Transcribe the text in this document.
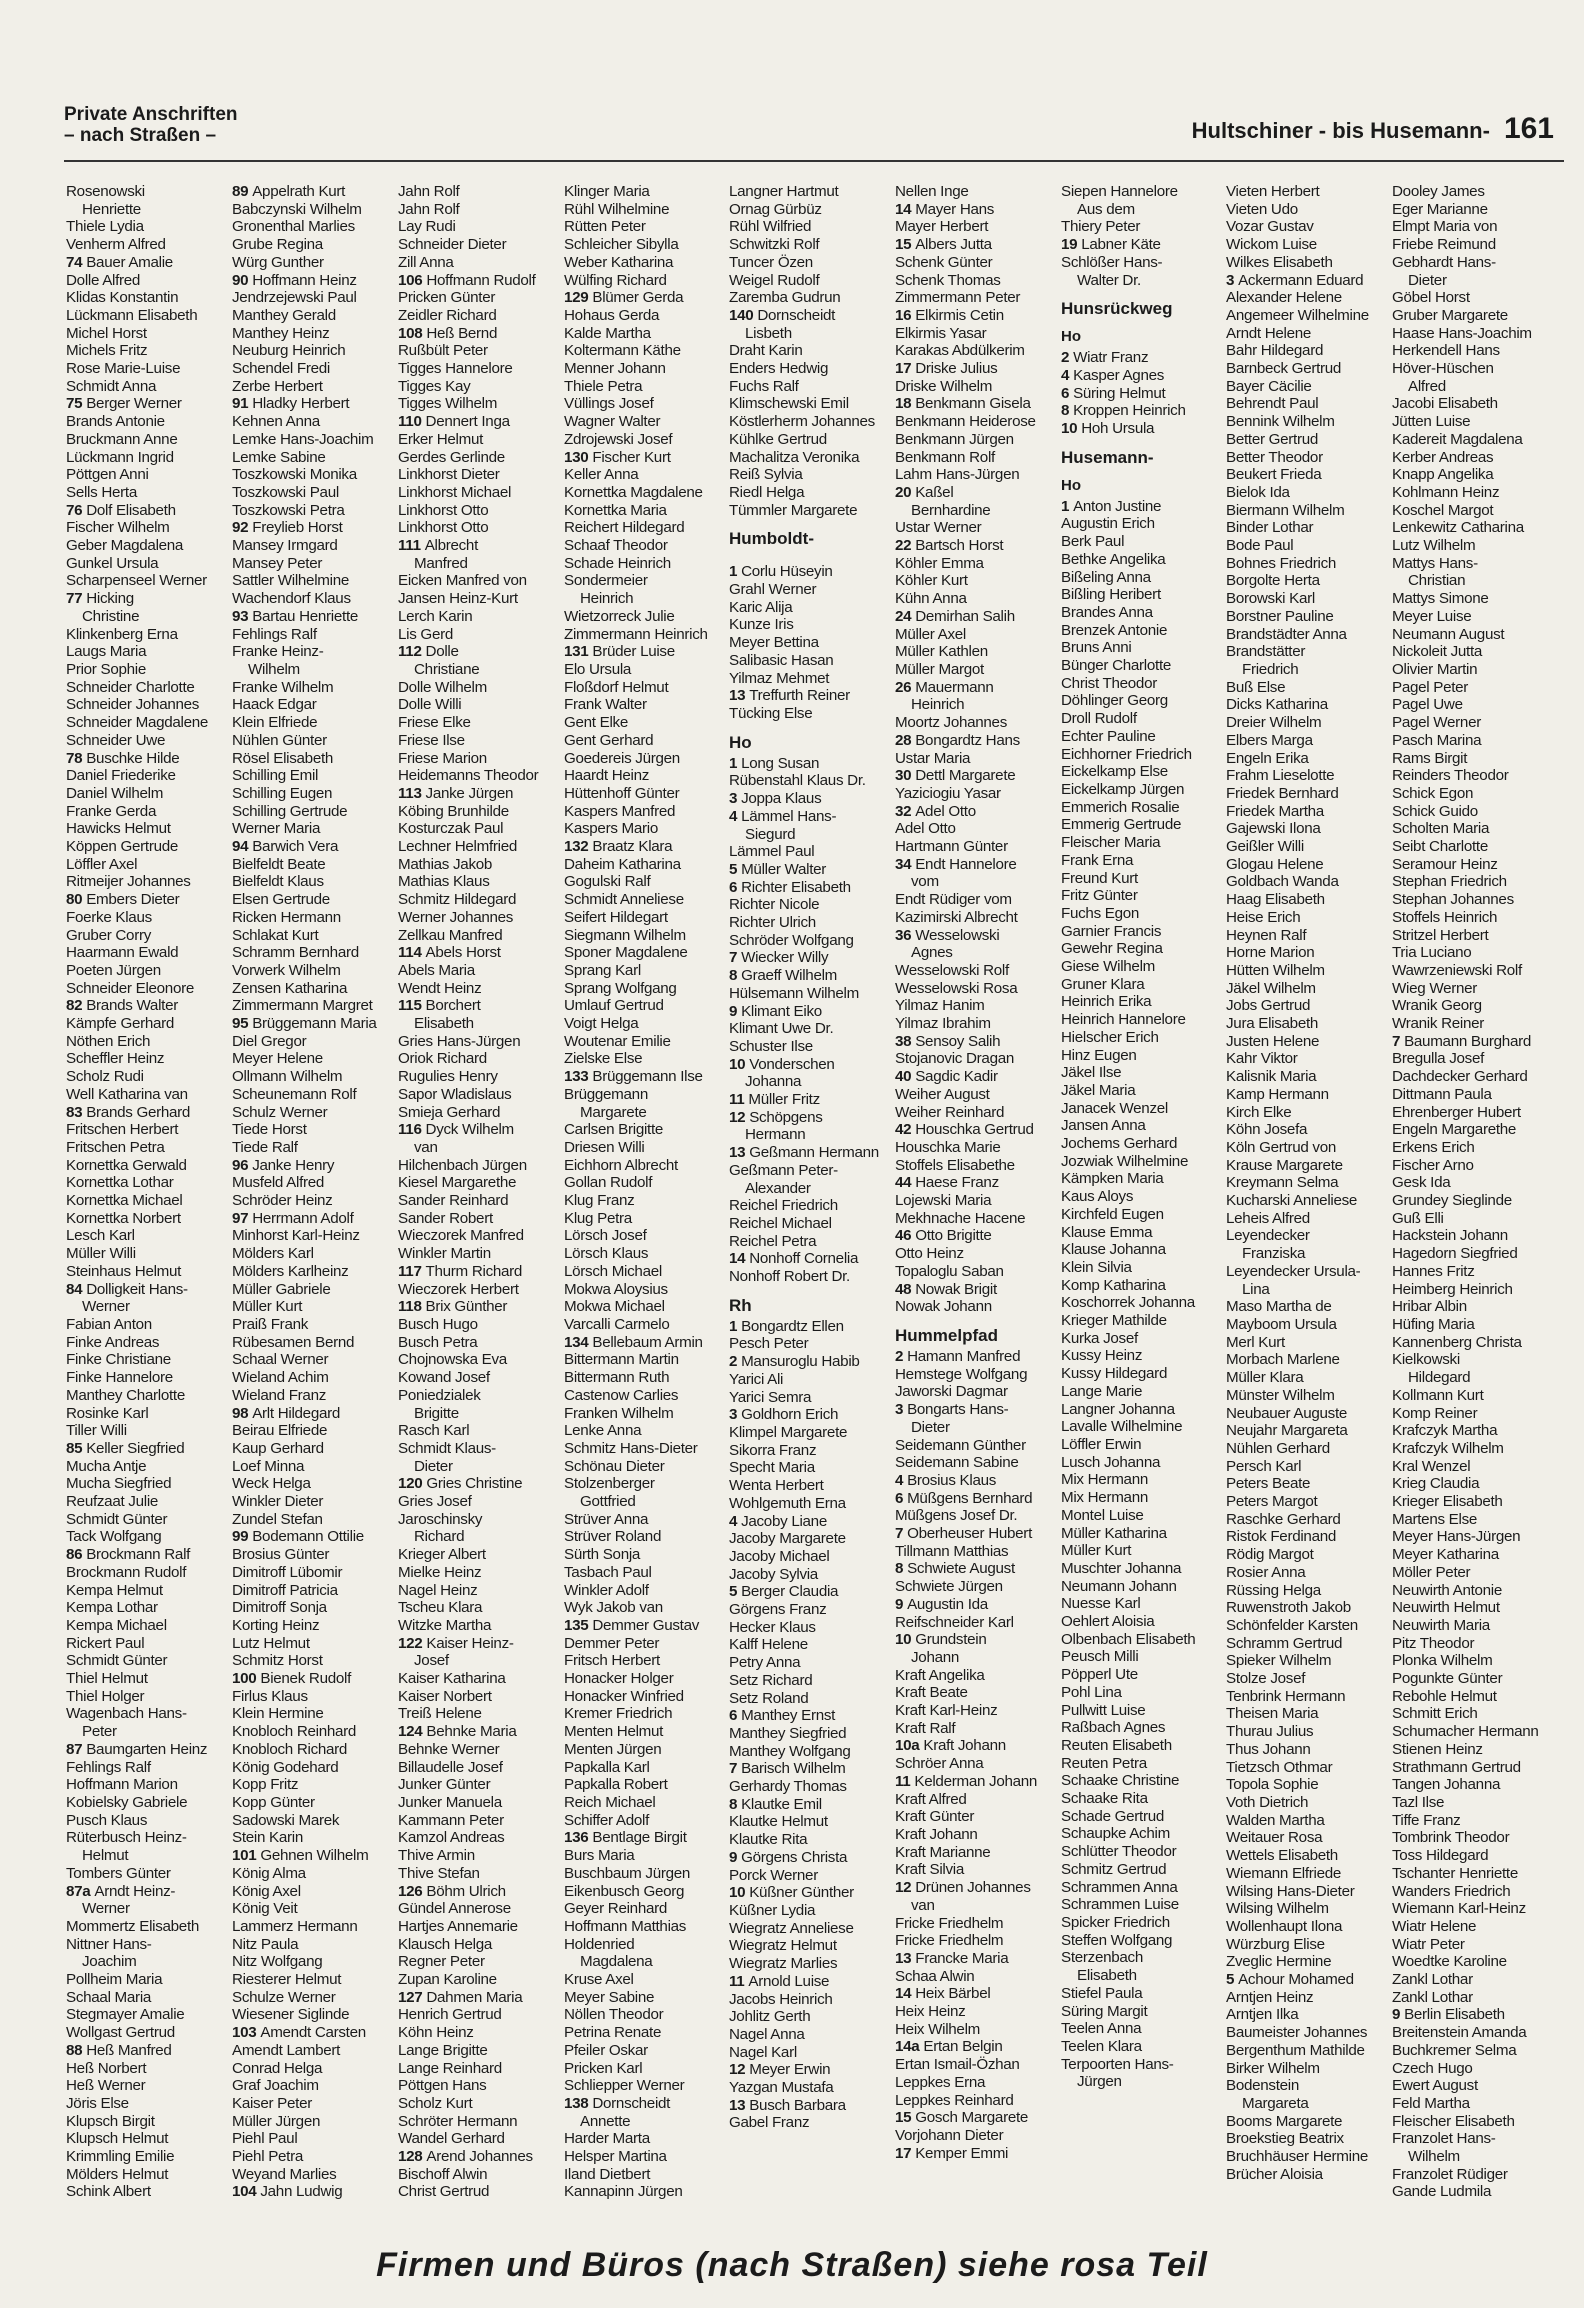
Private Anschriften
– nach Straßen –	Hultschiner - bis Husemann- 161
Rosenowski
Henriette
Thiele Lydia
Venherm Alfred
74 Bauer Amalie
Dolle Alfred
Klidas Konstantin
Lückmann Elisabeth
Michel Horst
Michels Fritz
Rose Marie-Luise
Schmidt Anna
75 Berger Werner
Brands Antonie
Bruckmann Anne
Lückmann Ingrid
Pöttgen Anni
Sells Herta
76 Dolf Elisabeth
Fischer Wilhelm
Geber Magdalena
Gunkel Ursula
Scharpenseel Werner
77 Hicking
Christine
Klinkenberg Erna
Laugs Maria
Prior Sophie
Schneider Charlotte
Schneider Johannes
Schneider Magdalene
Schneider Uwe
78 Buschke Hilde
Daniel Friederike
Daniel Wilhelm
Franke Gerda
Hawicks Helmut
Köppen Gertrude
Löffler Axel
Ritmeijer Johannes
80 Embers Dieter
Foerke Klaus
Gruber Corry
Haarmann Ewald
Poeten Jürgen
Schneider Eleonore
82 Brands Walter
Kämpfe Gerhard
Nöthen Erich
Scheffler Heinz
Scholz Rudi
Well Katharina van
83 Brands Gerhard
Fritschen Herbert
Fritschen Petra
Kornettka Gerwald
Kornettka Lothar
Kornettka Michael
Kornettka Norbert
Lesch Karl
Müller Willi
Steinhaus Helmut
84 Dolligkeit Hans-
Werner
Fabian Anton
Finke Andreas
Finke Christiane
Finke Hannelore
Manthey Charlotte
Rosinke Karl
Tiller Willi
85 Keller Siegfried
Mucha Antje
Mucha Siegfried
Reufzaat Julie
Schmidt Günter
Tack Wolfgang
86 Brockmann Ralf
Brockmann Rudolf
Kempa Helmut
Kempa Lothar
Kempa Michael
Rickert Paul
Schmidt Günter
Thiel Helmut
Thiel Holger
Wagenbach Hans-
Peter
87 Baumgarten Heinz
Fehlings Ralf
Hoffmann Marion
Kobielsky Gabriele
Pusch Klaus
Rüterbusch Heinz-
Helmut
Tombers Günter
87a Arndt Heinz-
Werner
Mommertz Elisabeth
Nittner Hans-
Joachim
Pollheim Maria
Schaal Maria
Stegmayer Amalie
Wollgast Gertrud
88 Heß Manfred
Heß Norbert
Heß Werner
Jöris Else
Klupsch Birgit
Klupsch Helmut
Krimmling Emilie
Mölders Helmut
Schink Albert
89 Appelrath Kurt
Babczynski Wilhelm
Gronenthal Marlies
Grube Regina
Würg Gunther
90 Hoffmann Heinz
Jendrzejewski Paul
Manthey Gerald
Manthey Heinz
Neuburg Heinrich
Schendel Fredi
Zerbe Herbert
91 Hladky Herbert
Kehnen Anna
Lemke Hans-Joachim
Lemke Sabine
Toszkowski Monika
Toszkowski Paul
Toszkowski Petra
92 Freylieb Horst
Mansey Irmgard
Mansey Peter
Sattler Wilhelmine
Wachendorf Klaus
93 Bartau Henriette
Fehlings Ralf
Franke Heinz-
Wilhelm
Franke Wilhelm
Haack Edgar
Klein Elfriede
Nühlen Günter
Rösel Elisabeth
Schilling Emil
Schilling Eugen
Schilling Gertrude
Werner Maria
94 Barwich Vera
Bielfeldt Beate
Bielfeldt Klaus
Elsen Gertrude
Ricken Hermann
Schlakat Kurt
Schramm Bernhard
Vorwerk Wilhelm
Zensen Katharina
Zimmermann Margret
95 Brüggemann Maria
Diel Gregor
Meyer Helene
Ollmann Wilhelm
Scheunemann Rolf
Schulz Werner
Tiede Horst
Tiede Ralf
96 Janke Henry
Musfeld Alfred
Schröder Heinz
97 Herrmann Adolf
Minhorst Karl-Heinz
Mölders Karl
Mölders Karlheinz
Müller Gabriele
Müller Kurt
Praiß Frank
Rübesamen Bernd
Schaal Werner
Wieland Achim
Wieland Franz
98 Arlt Hildegard
Beirau Elfriede
Kaup Gerhard
Loef Minna
Weck Helga
Winkler Dieter
Zundel Stefan
99 Bodemann Ottilie
Brosius Günter
Dimitroff Lübomir
Dimitroff Patricia
Dimitroff Sonja
Korting Heinz
Lutz Helmut
Schmitz Horst
100 Bienek Rudolf
Firlus Klaus
Klein Hermine
Knobloch Reinhard
Knobloch Richard
König Godehard
Kopp Fritz
Kopp Günter
Sadowski Marek
Stein Karin
101 Gehnen Wilhelm
König Alma
König Axel
König Veit
Lammerz Hermann
Nitz Paula
Nitz Wolfgang
Riesterer Helmut
Schulze Werner
Wiesener Siglinde
103 Amendt Carsten
Amendt Lambert
Conrad Helga
Graf Joachim
Kaiser Peter
Müller Jürgen
Piehl Paul
Piehl Petra
Weyand Marlies
104 Jahn Ludwig
Jahn Rolf
Jahn Rolf
Lay Rudi
Schneider Dieter
Zill Anna
106 Hoffmann Rudolf
Pricken Günter
Zeidler Richard
108 Heß Bernd
Rußbült Peter
Tigges Hannelore
Tigges Kay
Tigges Wilhelm
110 Dennert Inga
Erker Helmut
Gerdes Gerlinde
Linkhorst Dieter
Linkhorst Michael
Linkhorst Otto
Linkhorst Otto
111 Albrecht
Manfred
Eicken Manfred von
Jansen Heinz-Kurt
Lerch Karin
Lis Gerd
112 Dolle
Christiane
Dolle Wilhelm
Dolle Willi
Friese Elke
Friese Ilse
Friese Marion
Heidemanns Theodor
113 Janke Jürgen
Köbing Brunhilde
Kosturczak Paul
Lechner Helmfried
Mathias Jakob
Mathias Klaus
Schmitz Hildegard
Werner Johannes
Zellkau Manfred
114 Abels Horst
Abels Maria
Wendt Heinz
115 Borchert
Elisabeth
Gries Hans-Jürgen
Oriok Richard
Rugulies Henry
Sapor Wladislaus
Smieja Gerhard
116 Dyck Wilhelm
van
Hilchenbach Jürgen
Kiesel Margarethe
Sander Reinhard
Sander Robert
Wieczorek Manfred
Winkler Martin
117 Thurm Richard
Wieczorek Herbert
118 Brix Günther
Busch Hugo
Busch Petra
Chojnowska Eva
Kowand Josef
Poniedzialek
Brigitte
Rasch Karl
Schmidt Klaus-
Dieter
120 Gries Christine
Gries Josef
Jaroschinsky
Richard
Krieger Albert
Mielke Heinz
Nagel Heinz
Tscheu Klara
Witzke Martha
122 Kaiser Heinz-
Josef
Kaiser Katharina
Kaiser Norbert
Treiß Helene
124 Behnke Maria
Behnke Werner
Billaudelle Josef
Junker Günter
Junker Manuela
Kammann Peter
Kamzol Andreas
Thive Armin
Thive Stefan
126 Böhm Ulrich
Gündel Annerose
Hartjes Annemarie
Klausch Helga
Regner Peter
Zupan Karoline
127 Dahmen Maria
Henrich Gertrud
Köhn Heinz
Lange Brigitte
Lange Reinhard
Pöttgen Hans
Scholz Kurt
Schröter Hermann
Wandel Gerhard
128 Arend Johannes
Bischoff Alwin
Christ Gertrud
Klinger Maria
Rühl Wilhelmine
Rütten Peter
Schleicher Sibylla
Weber Katharina
Wülfing Richard
129 Blümer Gerda
Hohaus Gerda
Kalde Martha
Koltermann Käthe
Menner Johann
Thiele Petra
Vüllings Josef
Wagner Walter
Zdrojewski Josef
130 Fischer Kurt
Keller Anna
Kornettka Magdalene
Kornettka Maria
Reichert Hildegard
Schaaf Theodor
Schade Heinrich
Sondermeier
Heinrich
Wietzorreck Julie
Zimmermann Heinrich
131 Brüder Luise
Elo Ursula
Floßdorf Helmut
Frank Walter
Gent Elke
Gent Gerhard
Goedereis Jürgen
Haardt Heinz
Hüttenhoff Günter
Kaspers Manfred
Kaspers Mario
132 Braatz Klara
Daheim Katharina
Gogulski Ralf
Schmidt Anneliese
Seifert Hildegart
Siegmann Wilhelm
Sponer Magdalene
Sprang Karl
Sprang Wolfgang
Umlauf Gertrud
Voigt Helga
Woutenar Emilie
Zielske Else
133 Brüggemann Ilse
Brüggemann
Margarete
Carlsen Brigitte
Driesen Willi
Eichhorn Albrecht
Gollan Rudolf
Klug Franz
Klug Petra
Lörsch Josef
Lörsch Klaus
Lörsch Michael
Mokwa Aloysius
Mokwa Michael
Varcalli Carmelo
134 Bellebaum Armin
Bittermann Martin
Bittermann Ruth
Castenow Carlies
Franken Wilhelm
Lenke Anna
Schmitz Hans-Dieter
Schönau Dieter
Stolzenberger
Gottfried
Strüver Anna
Strüver Roland
Sürth Sonja
Tasbach Paul
Winkler Adolf
Wyk Jakob van
135 Demmer Gustav
Demmer Peter
Fritsch Herbert
Honacker Holger
Honacker Winfried
Kremer Friedrich
Menten Helmut
Menten Jürgen
Papkalla Karl
Papkalla Robert
Reich Michael
Schiffer Adolf
136 Bentlage Birgit
Burs Maria
Buschbaum Jürgen
Eikenbusch Georg
Geyer Reinhard
Hoffmann Matthias
Holdenried
Magdalena
Kruse Axel
Meyer Sabine
Nöllen Theodor
Petrina Renate
Pfeiler Oskar
Pricken Karl
Schliepper Werner
138 Dornscheidt
Annette
Harder Marta
Helsper Martina
Iland Dietbert
Kannapinn Jürgen
Langner Hartmut
Ornag Gürbüz
Rühl Wilfried
Schwitzki Rolf
Tuncer Özen
Weigel Rudolf
Zaremba Gudrun
140 Dornscheidt
Lisbeth
Draht Karin
Enders Hedwig
Fuchs Ralf
Klimschewski Emil
Köstlerherm Johannes
Kühlke Gertrud
Machalitza Veronika
Reiß Sylvia
Riedl Helga
Tümmler Margarete
Humboldt-
1 Corlu Hüseyin
Grahl Werner
Karic Alija
Kunze Iris
Meyer Bettina
Salibasic Hasan
Yilmaz Mehmet
13 Treffurth Reiner
Tücking Else
Ho
1 Long Susan
Rübenstahl Klaus Dr.
3 Joppa Klaus
4 Lämmel Hans-
Siegurd
Lämmel Paul
5 Müller Walter
6 Richter Elisabeth
Richter Nicole
Richter Ulrich
Schröder Wolfgang
7 Wiecker Willy
8 Graeff Wilhelm
Hülsemann Wilhelm
9 Klimant Eiko
Klimant Uwe Dr.
Schuster Ilse
10 Vonderschen
Johanna
11 Müller Fritz
12 Schöpgens
Hermann
13 Geßmann Hermann
Geßmann Peter-
Alexander
Reichel Friedrich
Reichel Michael
Reichel Petra
14 Nonhoff Cornelia
Nonhoff Robert Dr.
Rh
1 Bongardtz Ellen
Pesch Peter
2 Mansuroglu Habib
Yarici Ali
Yarici Semra
3 Goldhorn Erich
Klimpel Margarete
Sikorra Franz
Specht Maria
Wenta Herbert
Wohlgemuth Erna
4 Jacoby Liane
Jacoby Margarete
Jacoby Michael
Jacoby Sylvia
5 Berger Claudia
Görgens Franz
Hecker Klaus
Kalff Helene
Petry Anna
Setz Richard
Setz Roland
6 Manthey Ernst
Manthey Siegfried
Manthey Wolfgang
7 Barisch Wilhelm
Gerhardy Thomas
8 Klautke Emil
Klautke Helmut
Klautke Rita
9 Görgens Christa
Porck Werner
10 Küßner Günther
Küßner Lydia
Wiegratz Anneliese
Wiegratz Helmut
Wiegratz Marlies
11 Arnold Luise
Jacobs Heinrich
Johlitz Gerth
Nagel Anna
Nagel Karl
12 Meyer Erwin
Yazgan Mustafa
13 Busch Barbara
Gabel Franz
Nellen Inge
14 Mayer Hans
Mayer Herbert
15 Albers Jutta
Schenk Günter
Schenk Thomas
Zimmermann Peter
16 Elkirmis Cetin
Elkirmis Yasar
Karakas Abdülkerim
17 Driske Julius
Driske Wilhelm
18 Benkmann Gisela
Benkmann Heiderose
Benkmann Jürgen
Benkmann Rolf
Lahm Hans-Jürgen
20 Kaßel
Bernhardine
Ustar Werner
22 Bartsch Horst
Köhler Emma
Köhler Kurt
Kühn Anna
24 Demirhan Salih
Müller Axel
Müller Kathlen
Müller Margot
26 Mauermann
Heinrich
Moortz Johannes
28 Bongardtz Hans
Ustar Maria
30 Dettl Margarete
Yaziciogiu Yasar
32 Adel Otto
Adel Otto
Hartmann Günter
34 Endt Hannelore
vom
Endt Rüdiger vom
Kazimirski Albrecht
36 Wesselowski
Agnes
Wesselowski Rolf
Wesselowski Rosa
Yilmaz Hanim
Yilmaz Ibrahim
38 Sensoy Salih
Stojanovic Dragan
40 Sagdic Kadir
Weiher August
Weiher Reinhard
42 Houschka Gertrud
Houschka Marie
Stoffels Elisabethe
44 Haese Franz
Lojewski Maria
Mekhnache Hacene
46 Otto Brigitte
Otto Heinz
Topaloglu Saban
48 Nowak Brigit
Nowak Johann
Hummelpfad
2 Hamann Manfred
Hemstege Wolfgang
Jaworski Dagmar
3 Bongarts Hans-
Dieter
Seidemann Günther
Seidemann Sabine
4 Brosius Klaus
6 Müßgens Bernhard
Müßgens Josef Dr.
7 Oberheuser Hubert
Tillmann Matthias
8 Schwiete August
Schwiete Jürgen
9 Augustin Ida
Reifschneider Karl
10 Grundstein
Johann
Kraft Angelika
Kraft Beate
Kraft Karl-Heinz
Kraft Ralf
10a Kraft Johann
Schröer Anna
11 Kelderman Johann
Kraft Alfred
Kraft Günter
Kraft Johann
Kraft Marianne
Kraft Silvia
12 Drünen Johannes
van
Fricke Friedhelm
Fricke Friedhelm
13 Francke Maria
Schaa Alwin
14 Heix Bärbel
Heix Heinz
Heix Wilhelm
14a Ertan Belgin
Ertan Ismail-Özhan
Leppkes Erna
Leppkes Reinhard
15 Gosch Margarete
Vorjohann Dieter
17 Kemper Emmi
Siepen Hannelore
Aus dem
Thiery Peter
19 Labner Käte
Schlößer Hans-
Walter Dr.
Hunsrückweg
Ho
2 Wiatr Franz
4 Kasper Agnes
6 Süring Helmut
8 Kroppen Heinrich
10 Hoh Ursula
Husemann-
Ho
1 Anton Justine
Augustin Erich
Berk Paul
Bethke Angelika
Bißeling Anna
Bißling Heribert
Brandes Anna
Brenzek Antonie
Bruns Anni
Bünger Charlotte
Christ Theodor
Döhlinger Georg
Droll Rudolf
Echter Pauline
Eichhorner Friedrich
Eickelkamp Else
Eickelkamp Jürgen
Emmerich Rosalie
Emmerig Gertrude
Fleischer Maria
Frank Erna
Freund Kurt
Fritz Günter
Fuchs Egon
Garnier Francis
Gewehr Regina
Giese Wilhelm
Gruner Klara
Heinrich Erika
Heinrich Hannelore
Hielscher Erich
Hinz Eugen
Jäkel Ilse
Jäkel Maria
Janacek Wenzel
Jansen Anna
Jochems Gerhard
Jozwiak Wilhelmine
Kämpken Maria
Kaus Aloys
Kirchfeld Eugen
Klause Emma
Klause Johanna
Klein Silvia
Komp Katharina
Koschorrek Johanna
Krieger Mathilde
Kurka Josef
Kussy Heinz
Kussy Hildegard
Lange Marie
Langner Johanna
Lavalle Wilhelmine
Löffler Erwin
Lusch Johanna
Mix Hermann
Mix Hermann
Montel Luise
Müller Katharina
Müller Kurt
Muschter Johanna
Neumann Johann
Nuesse Karl
Oehlert Aloisia
Olbenbach Elisabeth
Peusch Milli
Pöpperl Ute
Pohl Lina
Pullwitt Luise
Raßbach Agnes
Reuten Elisabeth
Reuten Petra
Schaake Christine
Schaake Rita
Schade Gertrud
Schaupke Achim
Schlütter Theodor
Schmitz Gertrud
Schrammen Anna
Schrammen Luise
Spicker Friedrich
Steffen Wolfgang
Sterzenbach
Elisabeth
Stiefel Paula
Süring Margit
Teelen Anna
Teelen Klara
Terpoorten Hans-
Jürgen
Vieten Herbert
Vieten Udo
Vozar Gustav
Wickom Luise
Wilkes Elisabeth
3 Ackermann Eduard
Alexander Helene
Angemeer Wilhelmine
Arndt Helene
Bahr Hildegard
Barnbeck Gertrud
Bayer Cäcilie
Behrendt Paul
Bennink Wilhelm
Better Gertrud
Better Theodor
Beukert Frieda
Bielok Ida
Biermann Wilhelm
Binder Lothar
Bode Paul
Bohnes Friedrich
Borgolte Herta
Borowski Karl
Borstner Pauline
Brandstädter Anna
Brandstätter
Friedrich
Buß Else
Dicks Katharina
Dreier Wilhelm
Elbers Marga
Engeln Erika
Frahm Lieselotte
Friedek Bernhard
Friedek Martha
Gajewski Ilona
Geißler Willi
Glogau Helene
Goldbach Wanda
Haag Elisabeth
Heise Erich
Heynen Ralf
Horne Marion
Hütten Wilhelm
Jäkel Wilhelm
Jobs Gertrud
Jura Elisabeth
Justen Helene
Kahr Viktor
Kalisnik Maria
Kamp Hermann
Kirch Elke
Köhn Josefa
Köln Gertrud von
Krause Margarete
Kreymann Selma
Kucharski Anneliese
Leheis Alfred
Leyendecker
Franziska
Leyendecker Ursula-
Lina
Maso Martha de
Mayboom Ursula
Merl Kurt
Morbach Marlene
Müller Klara
Münster Wilhelm
Neubauer Auguste
Neujahr Margareta
Nühlen Gerhard
Persch Karl
Peters Beate
Peters Margot
Raschke Gerhard
Ristok Ferdinand
Rödig Margot
Rosier Anna
Rüssing Helga
Ruwenstroth Jakob
Schönfelder Karsten
Schramm Gertrud
Spieker Wilhelm
Stolze Josef
Tenbrink Hermann
Theisen Maria
Thurau Julius
Thus Johann
Tietzsch Othmar
Topola Sophie
Voth Dietrich
Walden Martha
Weitauer Rosa
Wettels Elisabeth
Wiemann Elfriede
Wilsing Hans-Dieter
Wilsing Wilhelm
Wollenhaupt Ilona
Würzburg Elise
Zveglic Hermine
5 Achour Mohamed
Arntjen Heinz
Arntjen Ilka
Baumeister Johannes
Bergenthum Mathilde
Birker Wilhelm
Bodenstein
Margareta
Booms Margarete
Broekstieg Beatrix
Bruchhäuser Hermine
Brücher Aloisia
Dooley James
Eger Marianne
Elmpt Maria von
Friebe Reimund
Gebhardt Hans-
Dieter
Göbel Horst
Gruber Margarete
Haase Hans-Joachim
Herkendell Hans
Höver-Hüschen
Alfred
Jacobi Elisabeth
Jütten Luise
Kadereit Magdalena
Kerber Andreas
Knapp Angelika
Kohlmann Heinz
Koschel Margot
Lenkewitz Catharina
Lutz Wilhelm
Mattys Hans-
Christian
Mattys Simone
Meyer Luise
Neumann August
Nickoleit Jutta
Olivier Martin
Pagel Peter
Pagel Uwe
Pagel Werner
Pasch Marina
Rams Birgit
Reinders Theodor
Schick Egon
Schick Guido
Scholten Maria
Seibt Charlotte
Seramour Heinz
Stephan Friedrich
Stephan Johannes
Stoffels Heinrich
Stritzel Herbert
Tria Luciano
Wawrzeniewski Rolf
Wieg Werner
Wranik Georg
Wranik Reiner
7 Baumann Burghard
Bregulla Josef
Dachdecker Gerhard
Dittmann Paula
Ehrenberger Hubert
Engeln Margarethe
Erkens Erich
Fischer Arno
Gesk Ida
Grundey Sieglinde
Guß Elli
Hackstein Johann
Hagedorn Siegfried
Hannes Fritz
Heimberg Heinrich
Hribar Albin
Hüfing Maria
Kannenberg Christa
Kielkowski
Hildegard
Kollmann Kurt
Komp Reiner
Krafczyk Martha
Krafczyk Wilhelm
Kral Wenzel
Krieg Claudia
Krieger Elisabeth
Martens Else
Meyer Hans-Jürgen
Meyer Katharina
Möller Peter
Neuwirth Antonie
Neuwirth Helmut
Neuwirth Maria
Pitz Theodor
Plonka Wilhelm
Pogunkte Günter
Rebohle Helmut
Schmitt Erich
Schumacher Hermann
Stienen Heinz
Strathmann Gertrud
Tangen Johanna
Tazl Ilse
Tiffe Franz
Tombrink Theodor
Toss Hildegard
Tschanter Henriette
Wanders Friedrich
Wiemann Karl-Heinz
Wiatr Helene
Wiatr Peter
Woedtke Karoline
Zankl Lothar
Zankl Lothar
9 Berlin Elisabeth
Breitenstein Amanda
Buchkremer Selma
Czech Hugo
Ewert August
Feld Martha
Fleischer Elisabeth
Franzolet Hans-
Wilhelm
Franzolet Rüdiger
Gande Ludmila
Firmen und Büros (nach Straßen) siehe rosa Teil
